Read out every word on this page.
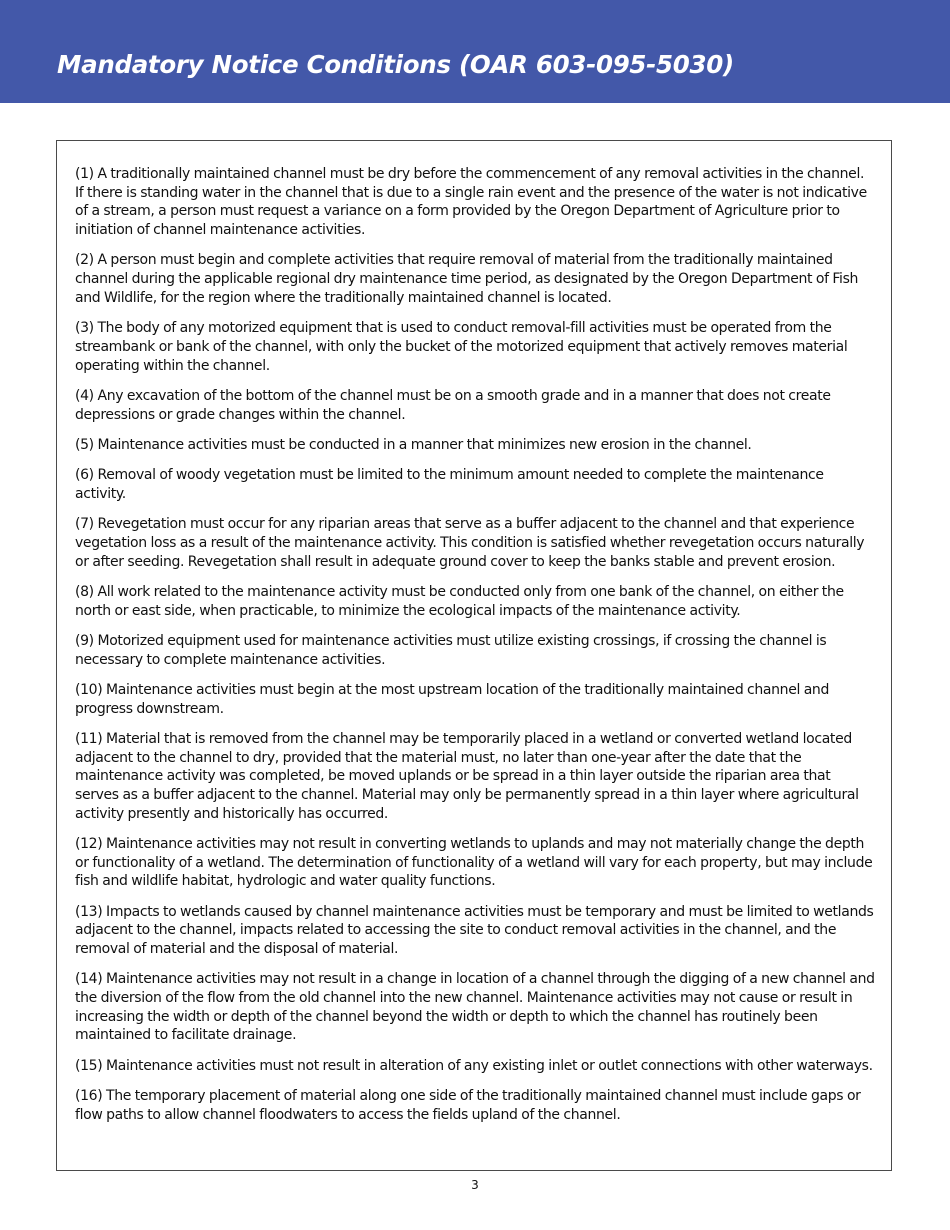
Mandatory Notice Conditions (OAR 603-095-5030)

(1) A traditionally maintained channel must be dry before the commencement of any removal activities in the channel. If there is standing water in the channel that is due to a single rain event and the presence of the water is not indicative of a stream, a person must request a variance on a form provided by the Oregon Department of Agriculture prior to initiation of channel maintenance activities.

(2) A person must begin and complete activities that require removal of material from the traditionally maintained channel during the applicable regional dry maintenance time period, as designated by the Oregon Department of Fish and Wildlife, for the region where the traditionally maintained channel is located.

(3) The body of any motorized equipment that is used to conduct removal-fill activities must be operated from the streambank or bank of the channel, with only the bucket of the motorized equipment that actively removes material operating within the channel.

(4) Any excavation of the bottom of the channel must be on a smooth grade and in a manner that does not create depressions or grade changes within the channel.

(5) Maintenance activities must be conducted in a manner that minimizes new erosion in the channel.

(6) Removal of woody vegetation must be limited to the minimum amount needed to complete the maintenance activity.

(7) Revegetation must occur for any riparian areas that serve as a buffer adjacent to the channel and that experience vegetation loss as a result of the maintenance activity. This condition is satisfied whether revegetation occurs naturally or after seeding. Revegetation shall result in adequate ground cover to keep the banks stable and prevent erosion.

(8) All work related to the maintenance activity must be conducted only from one bank of the channel, on either the north or east side, when practicable, to minimize the ecological impacts of the maintenance activity.

(9) Motorized equipment used for maintenance activities must utilize existing crossings, if crossing the channel is necessary to complete maintenance activities.

(10) Maintenance activities must begin at the most upstream location of the traditionally maintained channel and progress downstream.

(11) Material that is removed from the channel may be temporarily placed in a wetland or converted wetland located adjacent to the channel to dry, provided that the material must, no later than one-year after the date that the maintenance activity was completed, be moved uplands or be spread in a thin layer outside the riparian area that serves as a buffer adjacent to the channel. Material may only be permanently spread in a thin layer where agricultural activity presently and historically has occurred.

(12) Maintenance activities may not result in converting wetlands to uplands and may not materially change the depth or functionality of a wetland. The determination of functionality of a wetland will vary for each property, but may include fish and wildlife habitat, hydrologic and water quality functions.

(13) Impacts to wetlands caused by channel maintenance activities must be temporary and must be limited to wetlands adjacent to the channel, impacts related to accessing the site to conduct removal activities in the channel, and the removal of material and the disposal of material.

(14) Maintenance activities may not result in a change in location of a channel through the digging of a new channel and the diversion of the flow from the old channel into the new channel. Maintenance activities may not cause or result in increasing the width or depth of the channel beyond the width or depth to which the channel has routinely been maintained to facilitate drainage.

(15) Maintenance activities must not result in alteration of any existing inlet or outlet connections with other waterways.

(16) The temporary placement of material along one side of the traditionally maintained channel must include gaps or flow paths to allow channel floodwaters to access the fields upland of the channel.

3
